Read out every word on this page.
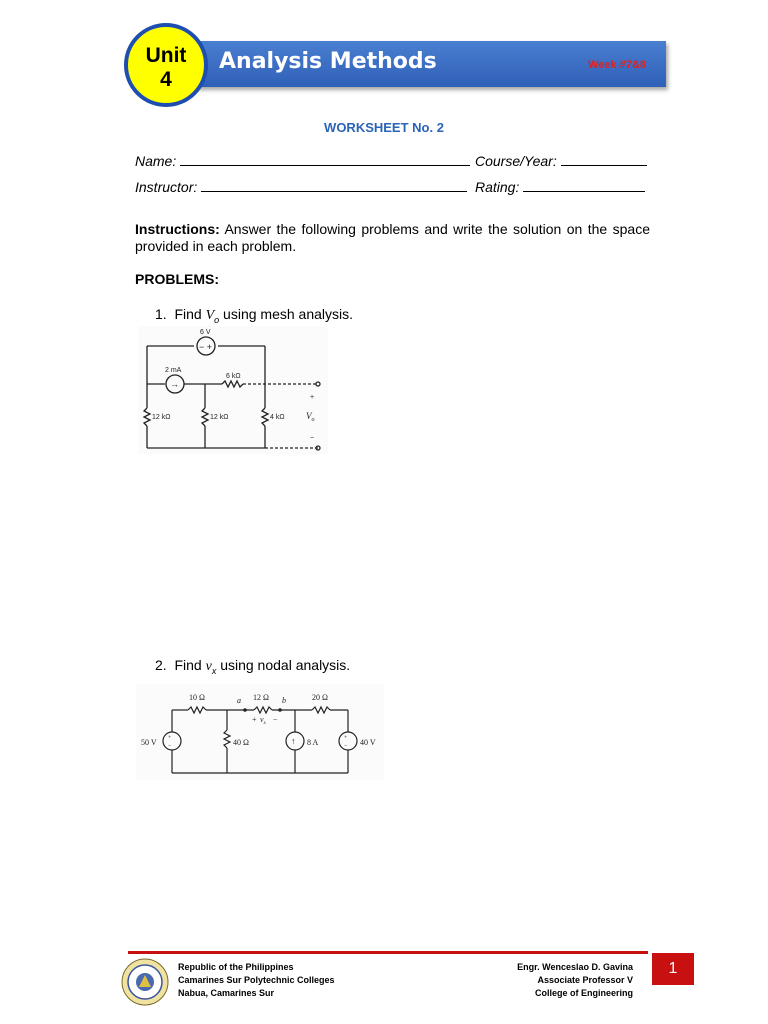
Analysis Methods	Week #7&8
Unit
4
WORKSHEET No. 2
Name:	Course/Year:
Instructor:	Rating:
Instructions: Answer the following problems and write the solution on the space provided in each problem.
PROBLEMS:
1. Find $V_o$ using mesh analysis.
6 V
− +
2 mA
→
6 kΩ
12 kΩ	12 kΩ	4 kΩ
+
−
$V_o$
2. Find $v_x$ using nodal analysis.
10 Ω	a 12 Ω b	20 Ω
+ $v_x$ −
50 V	40 Ω	8 A	40 V
+
−	↑	+
−
Republic of the Philippines
Camarines Sur Polytechnic Colleges
Nabua, Camarines Sur
Engr. Wenceslao D. Gavina
Associate Professor V
College of Engineering
1
